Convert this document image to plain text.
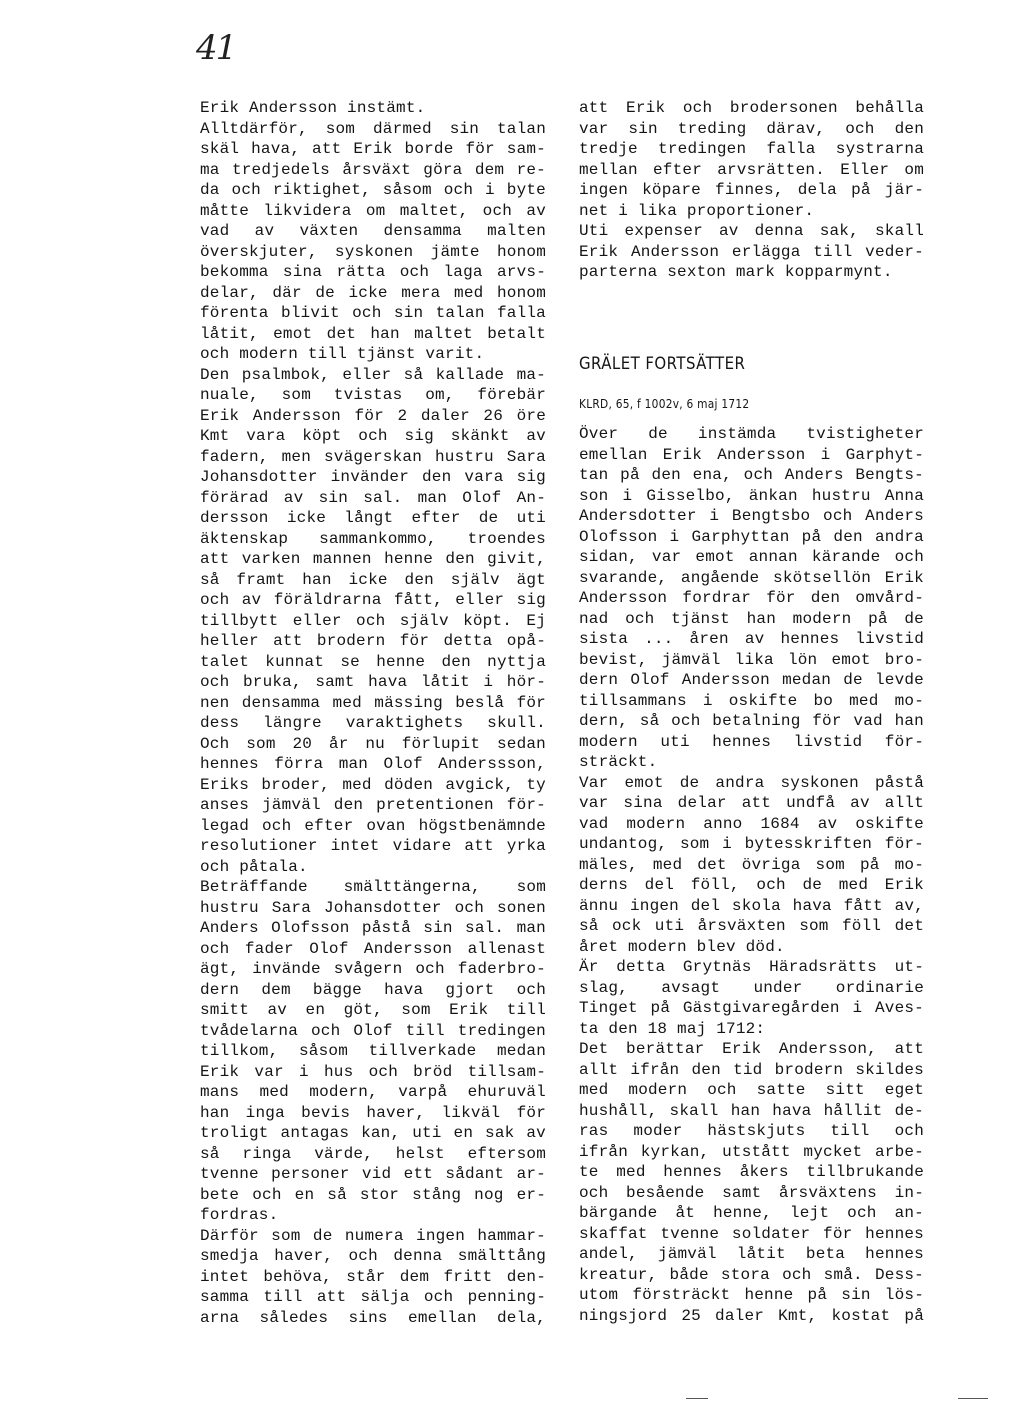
41
Erik Andersson instämt.
Alltdärför, som därmed sin talan
skäl hava, att Erik borde för sam-
ma tredjedels årsväxt göra dem re-
da och riktighet, såsom och i byte
måtte likvidera om maltet, och av
vad av växten densamma malten
överskjuter, syskonen jämte honom
bekomma sina rätta och laga arvs-
delar, där de icke mera med honom
förenta blivit och sin talan falla
låtit, emot det han maltet betalt
och modern till tjänst varit.
Den psalmbok, eller så kallade ma-
nuale, som tvistas om, förebär
Erik Andersson för 2 daler 26 öre
Kmt vara köpt och sig skänkt av
fadern, men svägerskan hustru Sara
Johansdotter invänder den vara sig
förärad av sin sal. man Olof An-
dersson icke långt efter de uti
äktenskap sammankommo, troendes
att varken mannen henne den givit,
så framt han icke den själv ägt
och av föräldrarna fått, eller sig
tillbytt eller och själv köpt. Ej
heller att brodern för detta opå-
talet kunnat se henne den nyttja
och bruka, samt hava låtit i hör-
nen densamma med mässing beslå för
dess längre varaktighets skull.
Och som 20 år nu förlupit sedan
hennes förra man Olof Anderssson,
Eriks broder, med döden avgick, ty
anses jämväl den pretentionen för-
legad och efter ovan högstbenämnde
resolutioner intet vidare att yrka
och påtala.
Beträffande smälttängerna, som
hustru Sara Johansdotter och sonen
Anders Olofsson påstå sin sal. man
och fader Olof Andersson allenast
ägt, invände svågern och faderbro-
dern dem bägge hava gjort och
smitt av en göt, som Erik till
tvådelarna och Olof till tredingen
tillkom, såsom tillverkade medan
Erik var i hus och bröd tillsam-
mans med modern, varpå ehuruväl
han inga bevis haver, likväl för
troligt antagas kan, uti en sak av
så ringa värde, helst eftersom
tvenne personer vid ett sådant ar-
bete och en så stor stång nog er-
fordras.
Därför som de numera ingen hammar-
smedja haver, och denna smälttång
intet behöva, står dem fritt den-
samma till att sälja och penning-
arna således sins emellan dela,
att Erik och brodersonen behålla
var sin treding därav, och den
tredje tredingen falla systrarna
mellan efter arvsrätten. Eller om
ingen köpare finnes, dela på jär-
net i lika proportioner.
Uti expenser av denna sak, skall
Erik Andersson erlägga till veder-
parterna sexton mark kopparmynt.
GRÄLET FORTSÄTTER
KLRD, 65, f 1002v, 6 maj 1712
Över de instämda tvistigheter
emellan Erik Andersson i Garphyt-
tan på den ena, och Anders Bengts-
son i Gisselbo, änkan hustru Anna
Andersdotter i Bengtsbo och Anders
Olofsson i Garphyttan på den andra
sidan, var emot annan kärande och
svarande, angående skötsellön Erik
Andersson fordrar för den omvård-
nad och tjänst han modern på de
sista ... åren av hennes livstid
bevist, jämväl lika lön emot bro-
dern Olof Andersson medan de levde
tillsammans i oskifte bo med mo-
dern, så och betalning för vad han
modern uti hennes livstid för-
sträckt.
Var emot de andra syskonen påstå
var sina delar att undfå av allt
vad modern anno 1684 av oskifte
undantog, som i bytesskriften för-
mäles, med det övriga som på mo-
derns del föll, och de med Erik
ännu ingen del skola hava fått av,
så ock uti årsväxten som föll det
året modern blev död.
Är detta Grytnäs Häradsrätts ut-
slag, avsagt under ordinarie
Tinget på Gästgivaregården i Aves-
ta den 18 maj 1712:
Det berättar Erik Andersson, att
allt ifrån den tid brodern skildes
med modern och satte sitt eget
hushåll, skall han hava hållit de-
ras moder hästskjuts till och
ifrån kyrkan, utstått mycket arbe-
te med hennes åkers tillbrukande
och besående samt årsväxtens in-
bärgande åt henne, lejt och an-
skaffat tvenne soldater för hennes
andel, jämväl låtit beta hennes
kreatur, både stora och små. Dess-
utom försträckt henne på sin lös-
ningsjord 25 daler Kmt, kostat på
